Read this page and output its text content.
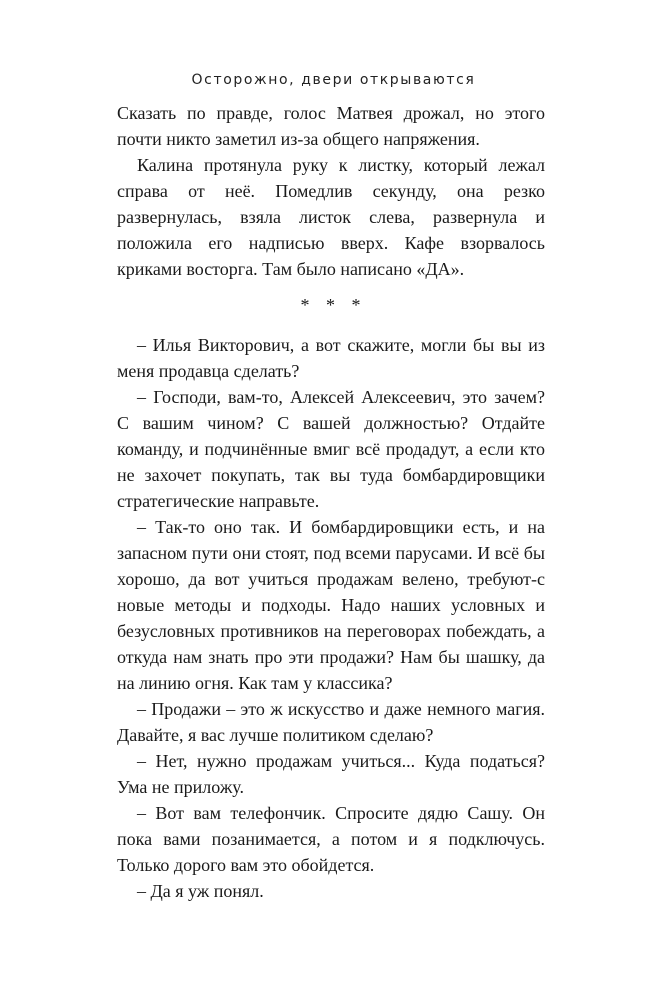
Осторожно, двери открываются

Сказать по правде, голос Матвея дрожал, но этого почти никто заметил из-за общего напряжения.

Калина протянула руку к листку, который лежал справа от неё. Помедлив секунду, она резко развернулась, взяла листок слева, развернула и положила его надписью вверх. Кафе взорвалось криками восторга. Там было написано «ДА».

* * *

– Илья Викторович, а вот скажите, могли бы вы из меня продавца сделать?

– Господи, вам-то, Алексей Алексеевич, это зачем? С вашим чином? С вашей должностью? Отдайте команду, и подчинённые вмиг всё продадут, а если кто не захочет покупать, так вы туда бомбардировщики стратегические направьте.

– Так-то оно так. И бомбардировщики есть, и на запасном пути они стоят, под всеми парусами. И всё бы хорошо, да вот учиться продажам велено, требуют-с новые методы и подходы. Надо наших условных и безусловных противников на переговорах побеждать, а откуда нам знать про эти продажи? Нам бы шашку, да на линию огня. Как там у классика?

– Продажи – это ж искусство и даже немного магия. Давайте, я вас лучше политиком сделаю?

– Нет, нужно продажам учиться... Куда податься? Ума не приложу.

– Вот вам телефончик. Спросите дядю Сашу. Он пока вами позанимается, а потом и я подключусь. Только дорого вам это обойдется.

– Да я уж понял.
